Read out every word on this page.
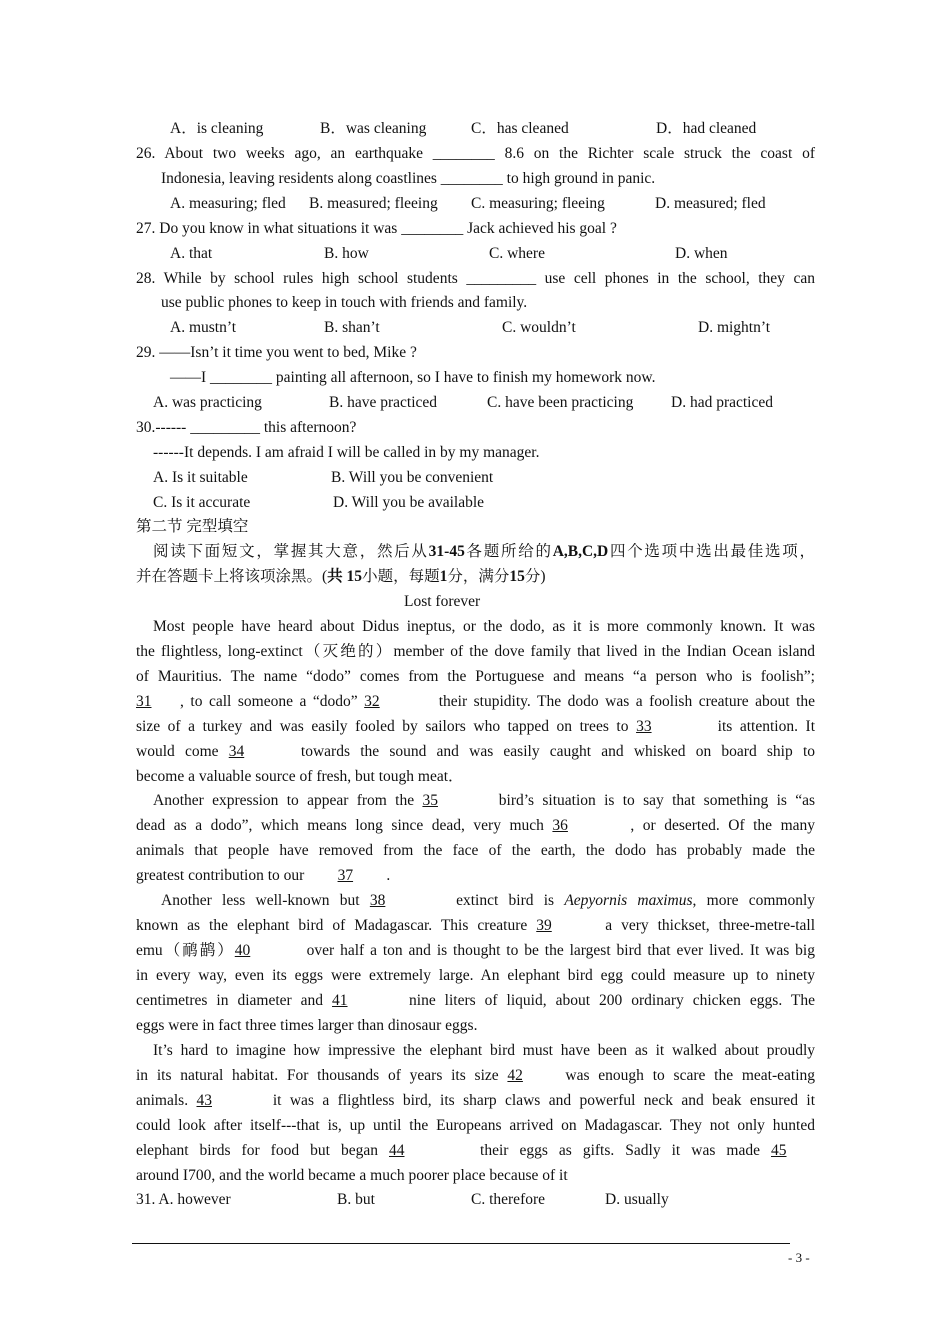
A．is cleaning	B．was cleaning	C．has cleaned	D．had cleaned
26. About two weeks ago, an earthquake ________ 8.6 on the Richter scale struck the coast of
Indonesia, leaving residents along coastlines ________ to high ground in panic.
A. measuring; fled B. measured; fleeing C. measuring; fleeing	D. measured; fled
27. Do you know in what situations it was ________ Jack achieved his goal ?
A. that	B. how	C. where	D. when
28. While by school rules high school students _________ use cell phones in the school, they can
use public phones to keep in touch with friends and family.
A. mustn’t	B. shan’t	C. wouldn’t	D. mightn’t
29. ——Isn’t it time you went to bed, Mike ?
——I ________ painting all afternoon, so I have to finish my homework now.
A. was practicing	B. have practiced	C. have been practicing D. had practiced
30.------ _________ this afternoon?
------It depends. I am afraid I will be called in by my manager.
A. Is it suitable	B. Will you be convenient
C. Is it accurate	D. Will you be available
第二节 完型填空
阅读下面短文，掌握其大意，然后从31-45各题所给的A,B,C,D四个选项中选出最佳选项，
并在答题卡上将该项涂黑。(共 15小题，每题1分，满分15分)
Lost forever
Most people have heard about Didus ineptus, or the dodo, as it is more commonly known. It was
the flightless, long-extinct（灭绝的）member of the dove family that lived in the Indian Ocean island
of Mauritius. The name “dodo” comes from the Portuguese and means “a person who is foolish”;
31 , to call someone a “dodo” 32	their stupidity. The dodo was a foolish creature about the
size of a turkey and was easily fooled by sailors who tapped on trees to 33	its attention. It
would come 34	towards the sound and was easily caught and whisked on board ship to
become a valuable source of fresh, but tough meat．
Another expression to appear from the 35	bird’s situation is to say that something is “as
dead as a dodo”, which means long since dead, very much 36	, or deserted. Of the many
animals that people have removed from the face of the earth, the dodo has probably made the
greatest contribution to our 37 .
Another less well-known but 38	extinct bird is Aepyornis maximus, more commonly
known as the elephant bird of Madagascar. This creature 39	a very thickset, three-metre-tall
emu（鸸鹋）40	over half a ton and is thought to be the largest bird that ever lived. It was big
in every way, even its eggs were extremely large. An elephant bird egg could measure up to ninety
centimetres in diameter and 41	nine liters of liquid, about 200 ordinary chicken eggs. The
eggs were in fact three times larger than dinosaur eggs.
It’s hard to imagine how impressive the elephant bird must have been as it walked about proudly
in its natural habitat. For thousands of years its size 42	was enough to scare the meat-eating
animals. 43	it was a flightless bird, its sharp claws and powerful neck and beak ensured it
could look after itself---that is, up until the Europeans arrived on Madagascar. They not only hunted
elephant birds for food but began 44	their eggs as gifts. Sadly it was made 45
around I700, and the world became a much poorer place because of it
31. A. however	B. but	C. therefore	D. usually
- 3 -
